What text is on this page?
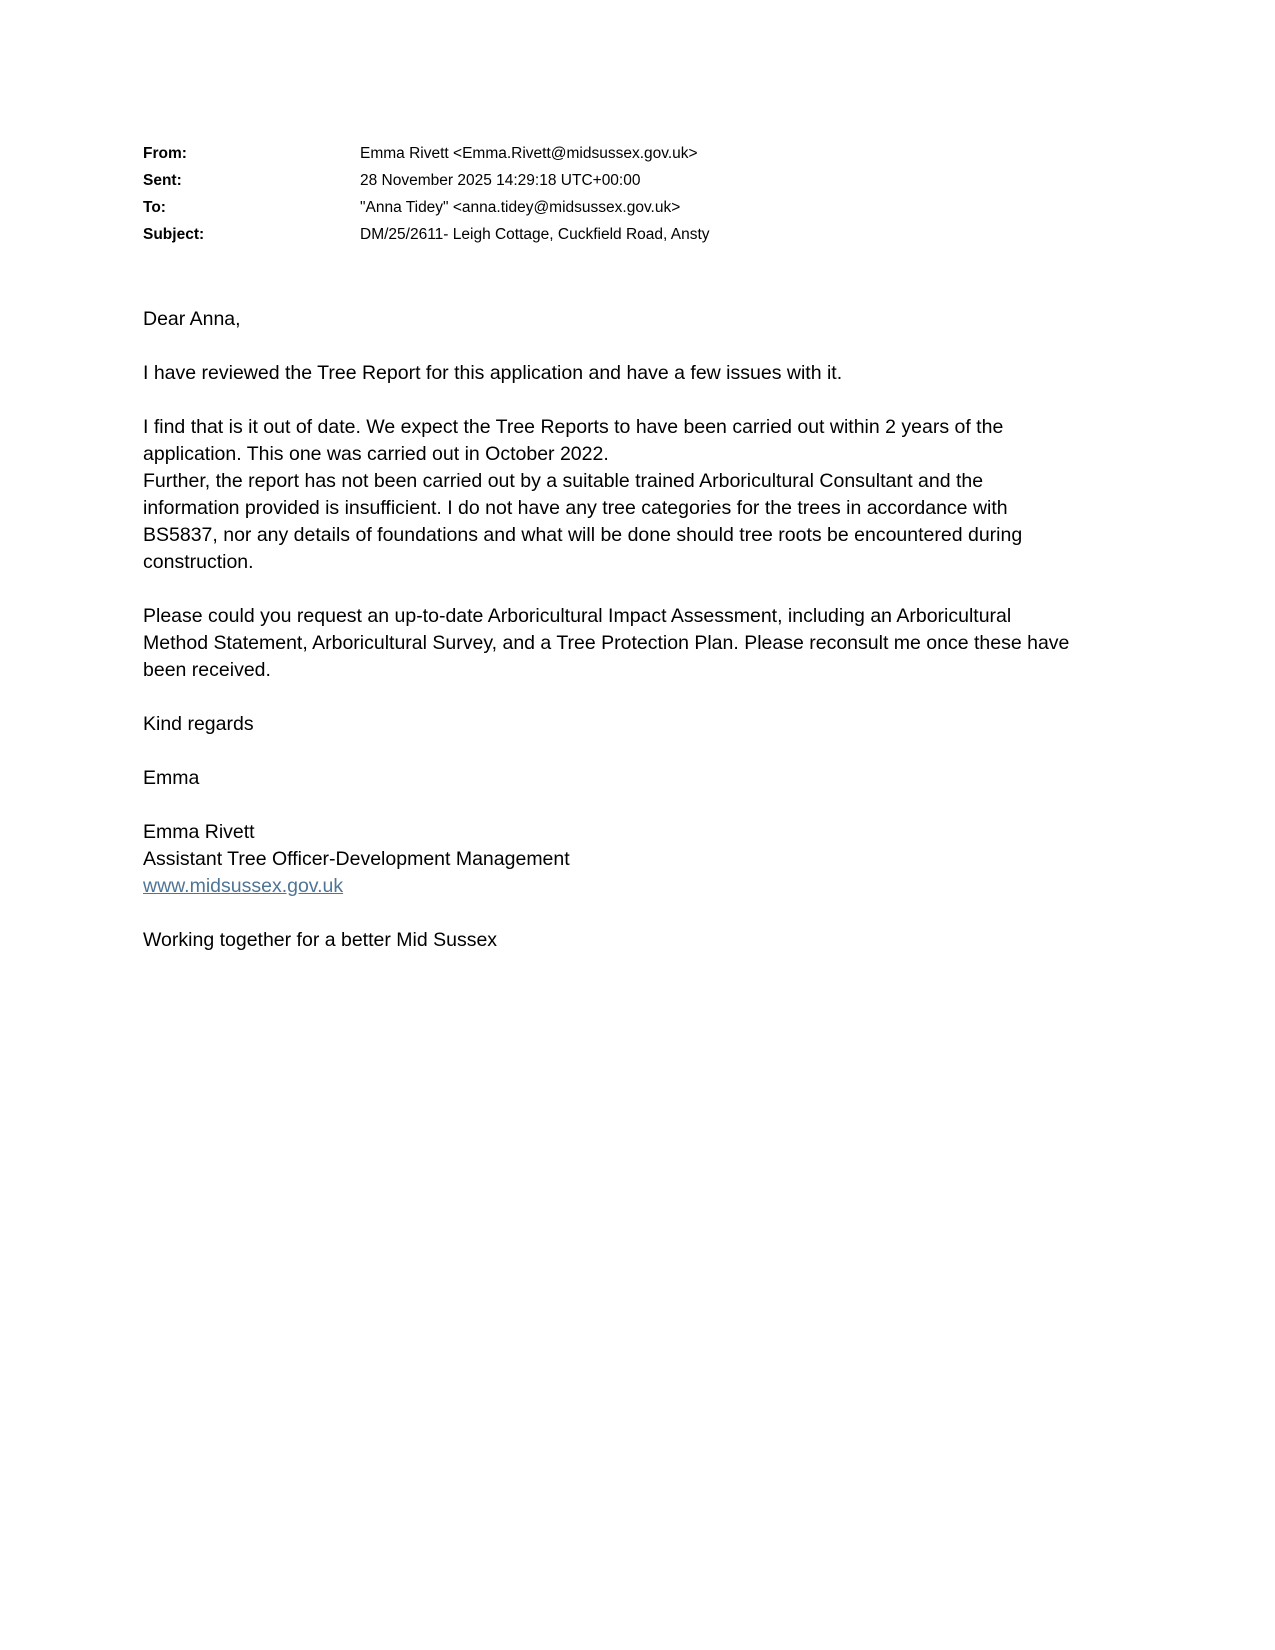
From:	Emma Rivett <Emma.Rivett@midsussex.gov.uk>
Sent:	28 November 2025 14:29:18 UTC+00:00
To:	"Anna Tidey" <anna.tidey@midsussex.gov.uk>
Subject:	DM/25/2611- Leigh Cottage, Cuckfield Road, Ansty

Dear Anna,

I have reviewed the Tree Report for this application and have a few issues with it.

I find that is it out of date. We expect the Tree Reports to have been carried out within 2 years of the application. This one was carried out in October 2022.

Further, the report has not been carried out by a suitable trained Arboricultural Consultant and the information provided is insufficient. I do not have any tree categories for the trees in accordance with BS5837, nor any details of foundations and what will be done should tree roots be encountered during construction.

Please could you request an up-to-date Arboricultural Impact Assessment, including an Arboricultural Method Statement, Arboricultural Survey, and a Tree Protection Plan. Please reconsult me once these have been received.

Kind regards

Emma

Emma Rivett

Assistant Tree Officer-Development Management

www.midsussex.gov.uk

Working together for a better Mid Sussex
